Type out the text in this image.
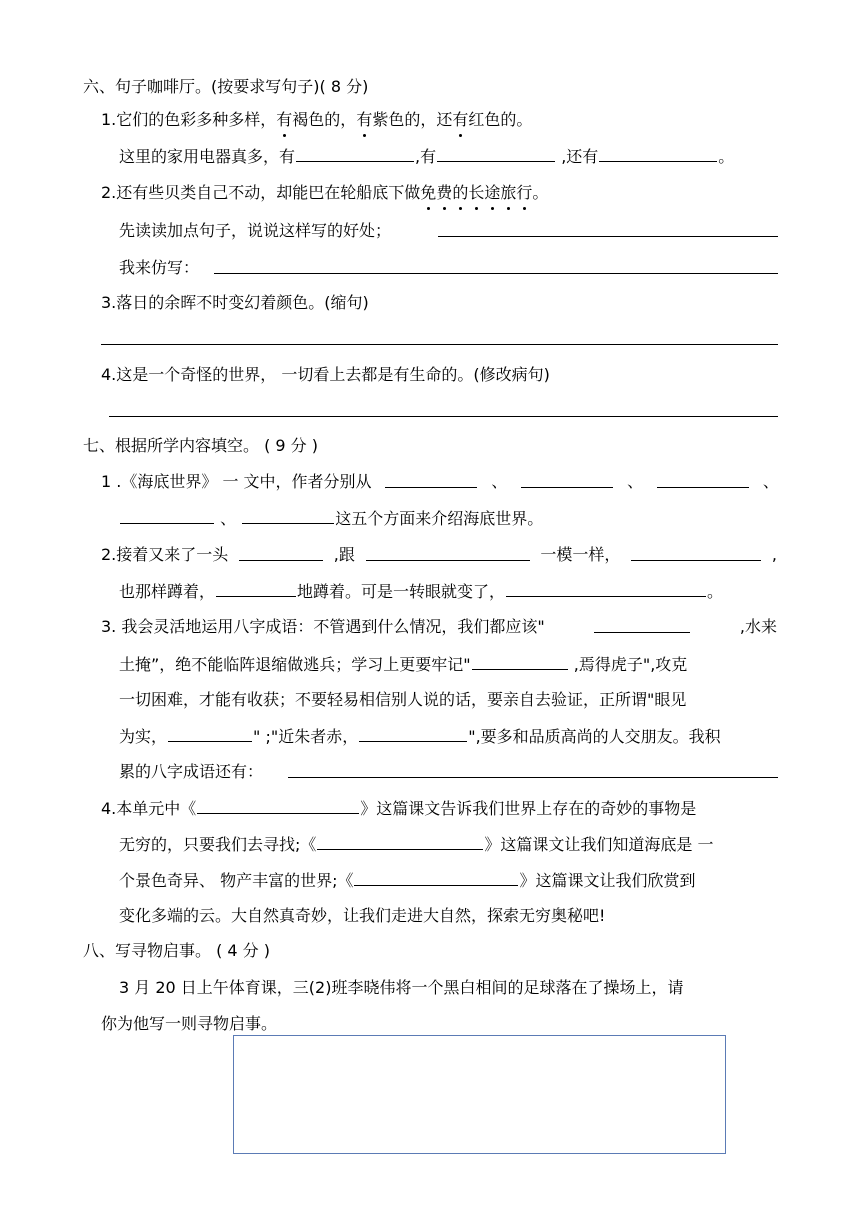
六、句子咖啡厅。(按要求写句子)( 8 分)
1.它们的色彩多种多样，有褐色的，有紫色的，还有红色的。
这里的家用电器真多，有	,有	,还有	。
2.还有些贝类自己不动，却能巴在轮船底下做免费的长途旅行。
先读读加点句子，说说这样写的好处；
我来仿写：
3.落日的余晖不时变幻着颜色。(缩句)
4.这是一个奇怪的世界， 一切看上去都是有生命的。(修改病句)
七、根据所学内容填空。 ( 9 分 )
1 .《海底世界》 一 文中，作者分别从	、	、	、
、	这五个方面来介绍海底世界。
2.接着又来了一头	,跟	一模一样，	,
也那样蹲着，	地蹲着。可是一转眼就变了，	。
3. 我会灵活地运用八字成语：不管遇到什么情况，我们都应该"	,水来
土掩”，绝不能临阵退缩做逃兵；学习上更要牢记"	,焉得虎子",攻克
一切困难，才能有收获；不要轻易相信别人说的话，要亲自去验证，正所谓"眼见
为实，	" ;"近朱者赤，	",要多和品质高尚的人交朋友。我积
累的八字成语还有：
4.本单元中《	》这篇课文告诉我们世界上存在的奇妙的事物是
无穷的，只要我们去寻找;《	》这篇课文让我们知道海底是 一
个景色奇异、 物产丰富的世界;《	》这篇课文让我们欣赏到
变化多端的云。大自然真奇妙，让我们走进大自然，探索无穷奥秘吧!
八、写寻物启事。 ( 4 分 )
3 月 20 日上午体育课，三(2)班李晓伟将一个黑白相间的足球落在了操场上，请
你为他写一则寻物启事。
